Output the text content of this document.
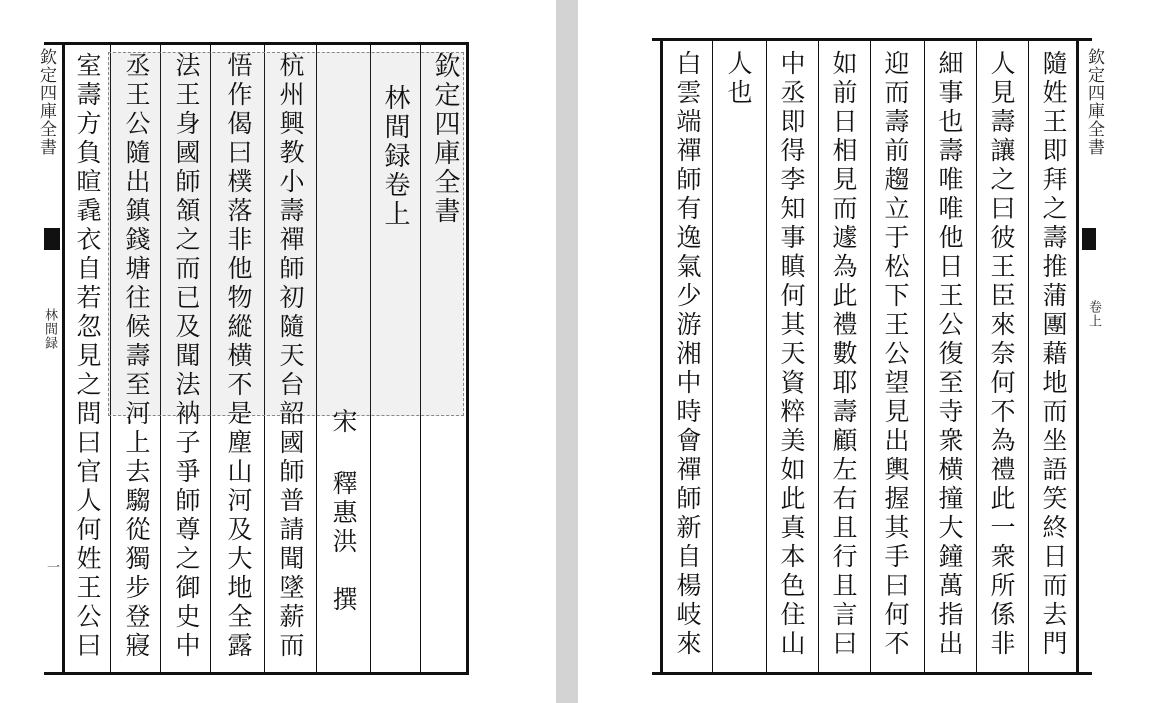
欽定四庫全書
林間録
一
欽定四庫全書
林間録卷上
宋
釋惠洪　撰
杭州興教小壽禪師初隨天台韶國師普請聞墜薪而
悟作偈曰樸落非他物縱横不是塵山河及大地全露
法王身國師頷之而已及聞法衲子爭師尊之御史中
丞王公隨出鎮錢塘往候壽至河上去騶從獨步登寢
室壽方負暄毳衣自若忽見之問曰官人何姓王公曰	欽定四庫全書
卷上
隨姓王即拜之壽推蒲團藉地而坐語笑終日而去門
人見壽讓之曰彼王臣來奈何不為禮此一衆所係非
細事也壽唯唯他日王公復至寺衆横撞大鐘萬指出
迎而壽前趨立于松下王公望見出輿握其手曰何不
如前日相見而遽為此禮數耶壽顧左右且行且言曰
中丞即得李知事瞋何其天資粹美如此真本色住山
人也
白雲端禪師有逸氣少游湘中時會禪師新自楊岐來
